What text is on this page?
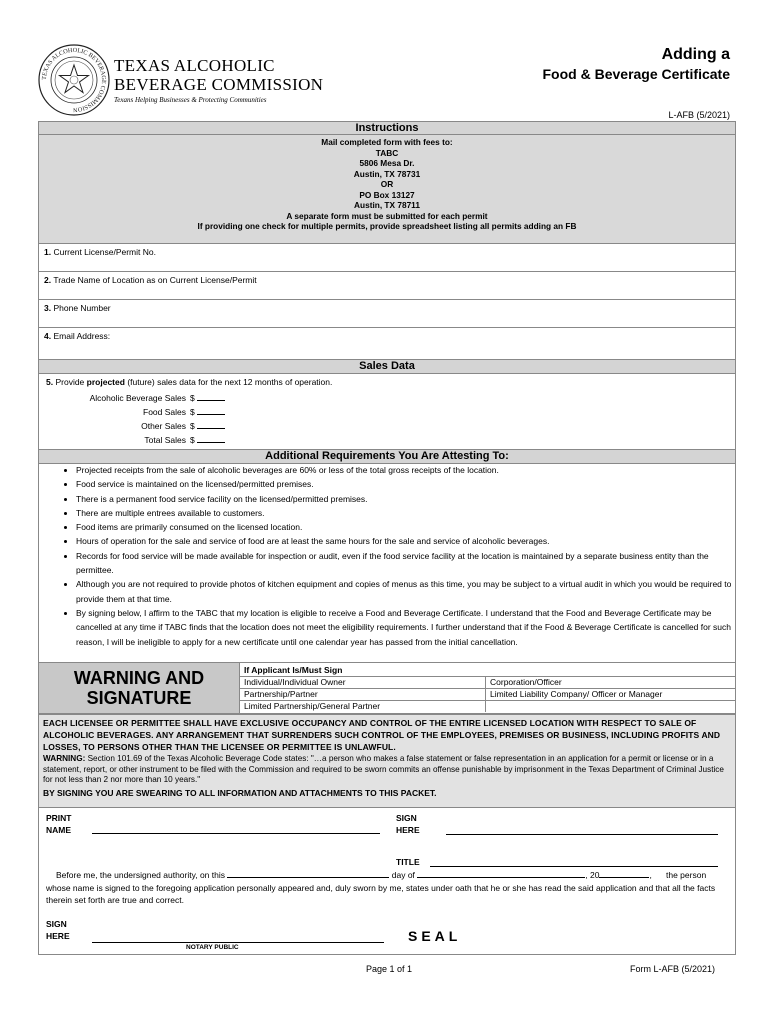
TEXAS ALCOHOLIC BEVERAGE COMMISSION
TEXAS ALCOHOLIC
BEVERAGE COMMISSION
Texans Helping Businesses & Protecting Communities
Adding a
Food & Beverage Certificate
L-AFB (5/2021)
Instructions
Mail completed form with fees to:
TABC
5806 Mesa Dr.
Austin, TX 78731
OR
PO Box 13127
Austin, TX 78711
A separate form must be submitted for each permit
If providing one check for multiple permits, provide spreadsheet listing all permits adding an FB
1. Current License/Permit No.
2. Trade Name of Location as on Current License/Permit
3. Phone Number
4. Email Address:
Sales Data
5. Provide projected (future) sales data for the next 12 months of operation.
Alcoholic Beverage Sales $
Food Sales $
Other Sales $
Total Sales $
Additional Requirements You Are Attesting To:
• Projected receipts from the sale of alcoholic beverages are 60% or less of the total gross receipts of the location.
• Food service is maintained on the licensed/permitted premises.
• There is a permanent food service facility on the licensed/permitted premises.
• There are multiple entrees available to customers.
• Food items are primarily consumed on the licensed location.
• Hours of operation for the sale and service of food are at least the same hours for the sale and service of alcoholic beverages.
• Records for food service will be made available for inspection or audit, even if the food service facility at the location is maintained by a separate business entity than the permittee.
• Although you are not required to provide photos of kitchen equipment and copies of menus as this time, you may be subject to a virtual audit in which you would be required to provide them at that time.
• By signing below, I affirm to the TABC that my location is eligible to receive a Food and Beverage Certificate. I understand that the Food and Beverage Certificate may be cancelled at any time if TABC finds that the location does not meet the eligibility requirements. I further understand that if the Food & Beverage Certificate is cancelled for such reason, I will be ineligible to apply for a new certificate until one calendar year has passed from the initial cancellation.
WARNING AND
SIGNATURE
If Applicant Is/Must Sign
Individual/Individual Owner	Corporation/Officer
Partnership/Partner	Limited Liability Company/ Officer or Manager
Limited Partnership/General Partner

EACH LICENSEE OR PERMITTEE SHALL HAVE EXCLUSIVE OCCUPANCY AND CONTROL OF THE ENTIRE LICENSED LOCATION WITH RESPECT TO SALE OF ALCOHOLIC BEVERAGES. ANY ARRANGEMENT THAT SURRENDERS SUCH CONTROL OF THE EMPLOYEES, PREMISES OR BUSINESS, INCLUDING PROFITS AND LOSSES, TO PERSONS OTHER THAN THE LICENSEE OR PERMITTEE IS UNLAWFUL.

WARNING: Section 101.69 of the Texas Alcoholic Beverage Code states: "…a person who makes a false statement or false representation in an application for a permit or license or in a statement, report, or other instrument to be filed with the Commission and required to be sworn commits an offense punishable by imprisonment in the Texas Department of Criminal Justice for not less than 2 nor more than 10 years."

BY SIGNING YOU ARE SWEARING TO ALL INFORMATION AND ATTACHMENTS TO THIS PACKET.

PRINT
NAME
SIGN
HERE
TITLE
Before me, the undersigned authority, on this	day of	, 20	,      the person whose name is signed to the foregoing application personally appeared and, duly sworn by me, states under oath that he or she has read the said application and that all the facts therein set forth are true and correct.
SIGN
HERE
NOTARY PUBLIC
SEAL
Page 1 of 1	Form L-AFB (5/2021)
